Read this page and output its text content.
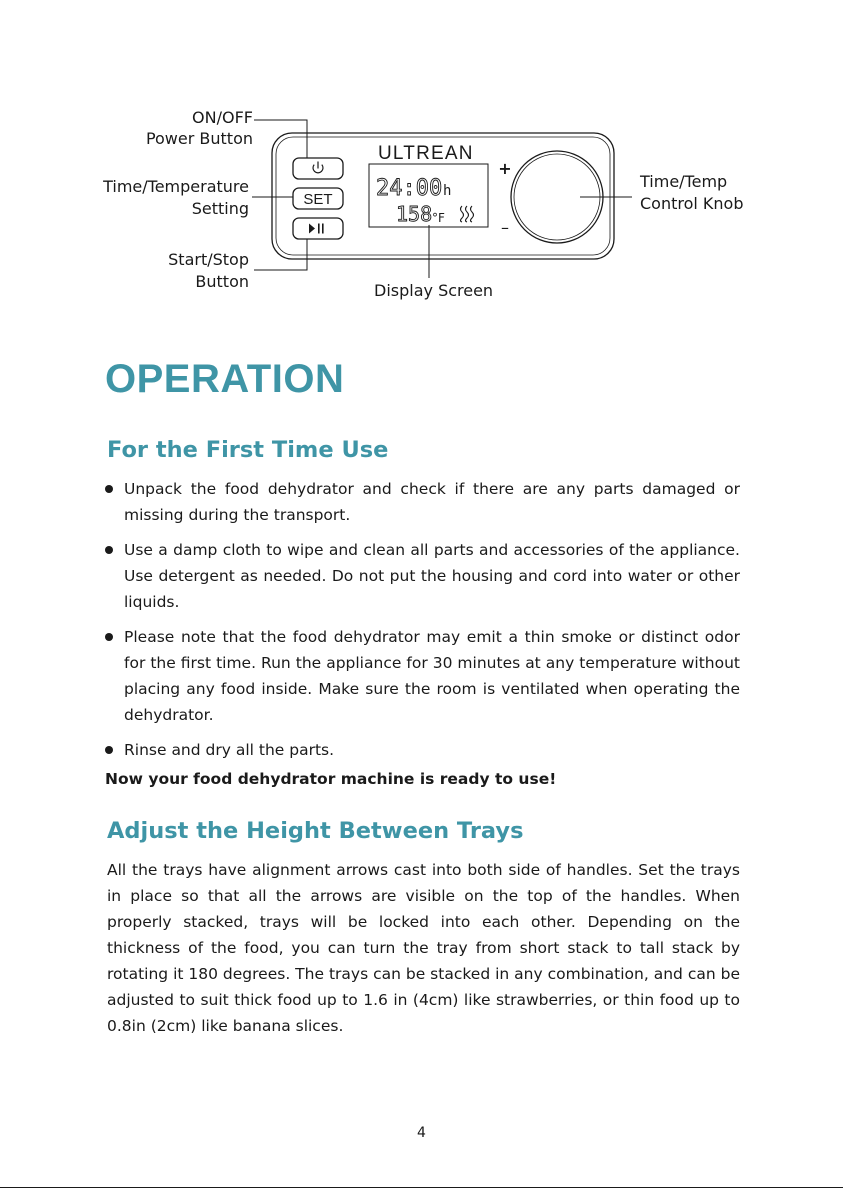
ULTREAN
SET 24:00 h
158 °F
+
–

ON/OFF

Power Button

Time/Temperature

Setting

Start/Stop

Button

Time/Temp

Control Knob

Display Screen

OPERATION
For the First Time Use
Unpack the food dehydrator and check if there are any parts damaged or missing during the transport.
Use a damp cloth to wipe and clean all parts and accessories of the appliance. Use detergent as needed. Do not put the housing and cord into water or other liquids.
Please note that the food dehydrator may emit a thin smoke or distinct odor for the first time. Run the appliance for 30 minutes at any temperature without placing any food inside. Make sure the room is ventilated when operating the dehydrator.
Rinse and dry all the parts.

Now your food dehydrator machine is ready to use!

Adjust the Height Between Trays

All the trays have alignment arrows cast into both side of handles. Set the trays in place so that all the arrows are visible on the top of the handles. When properly stacked, trays will be locked into each other. Depending on the thickness of the food, you can turn the tray from short stack to tall stack by rotating it 180 degrees. The trays can be stacked in any combination, and can be adjusted to suit thick food up to 1.6 in (4cm) like strawberries, or thin food up to 0.8in (2cm) like banana slices.

4
